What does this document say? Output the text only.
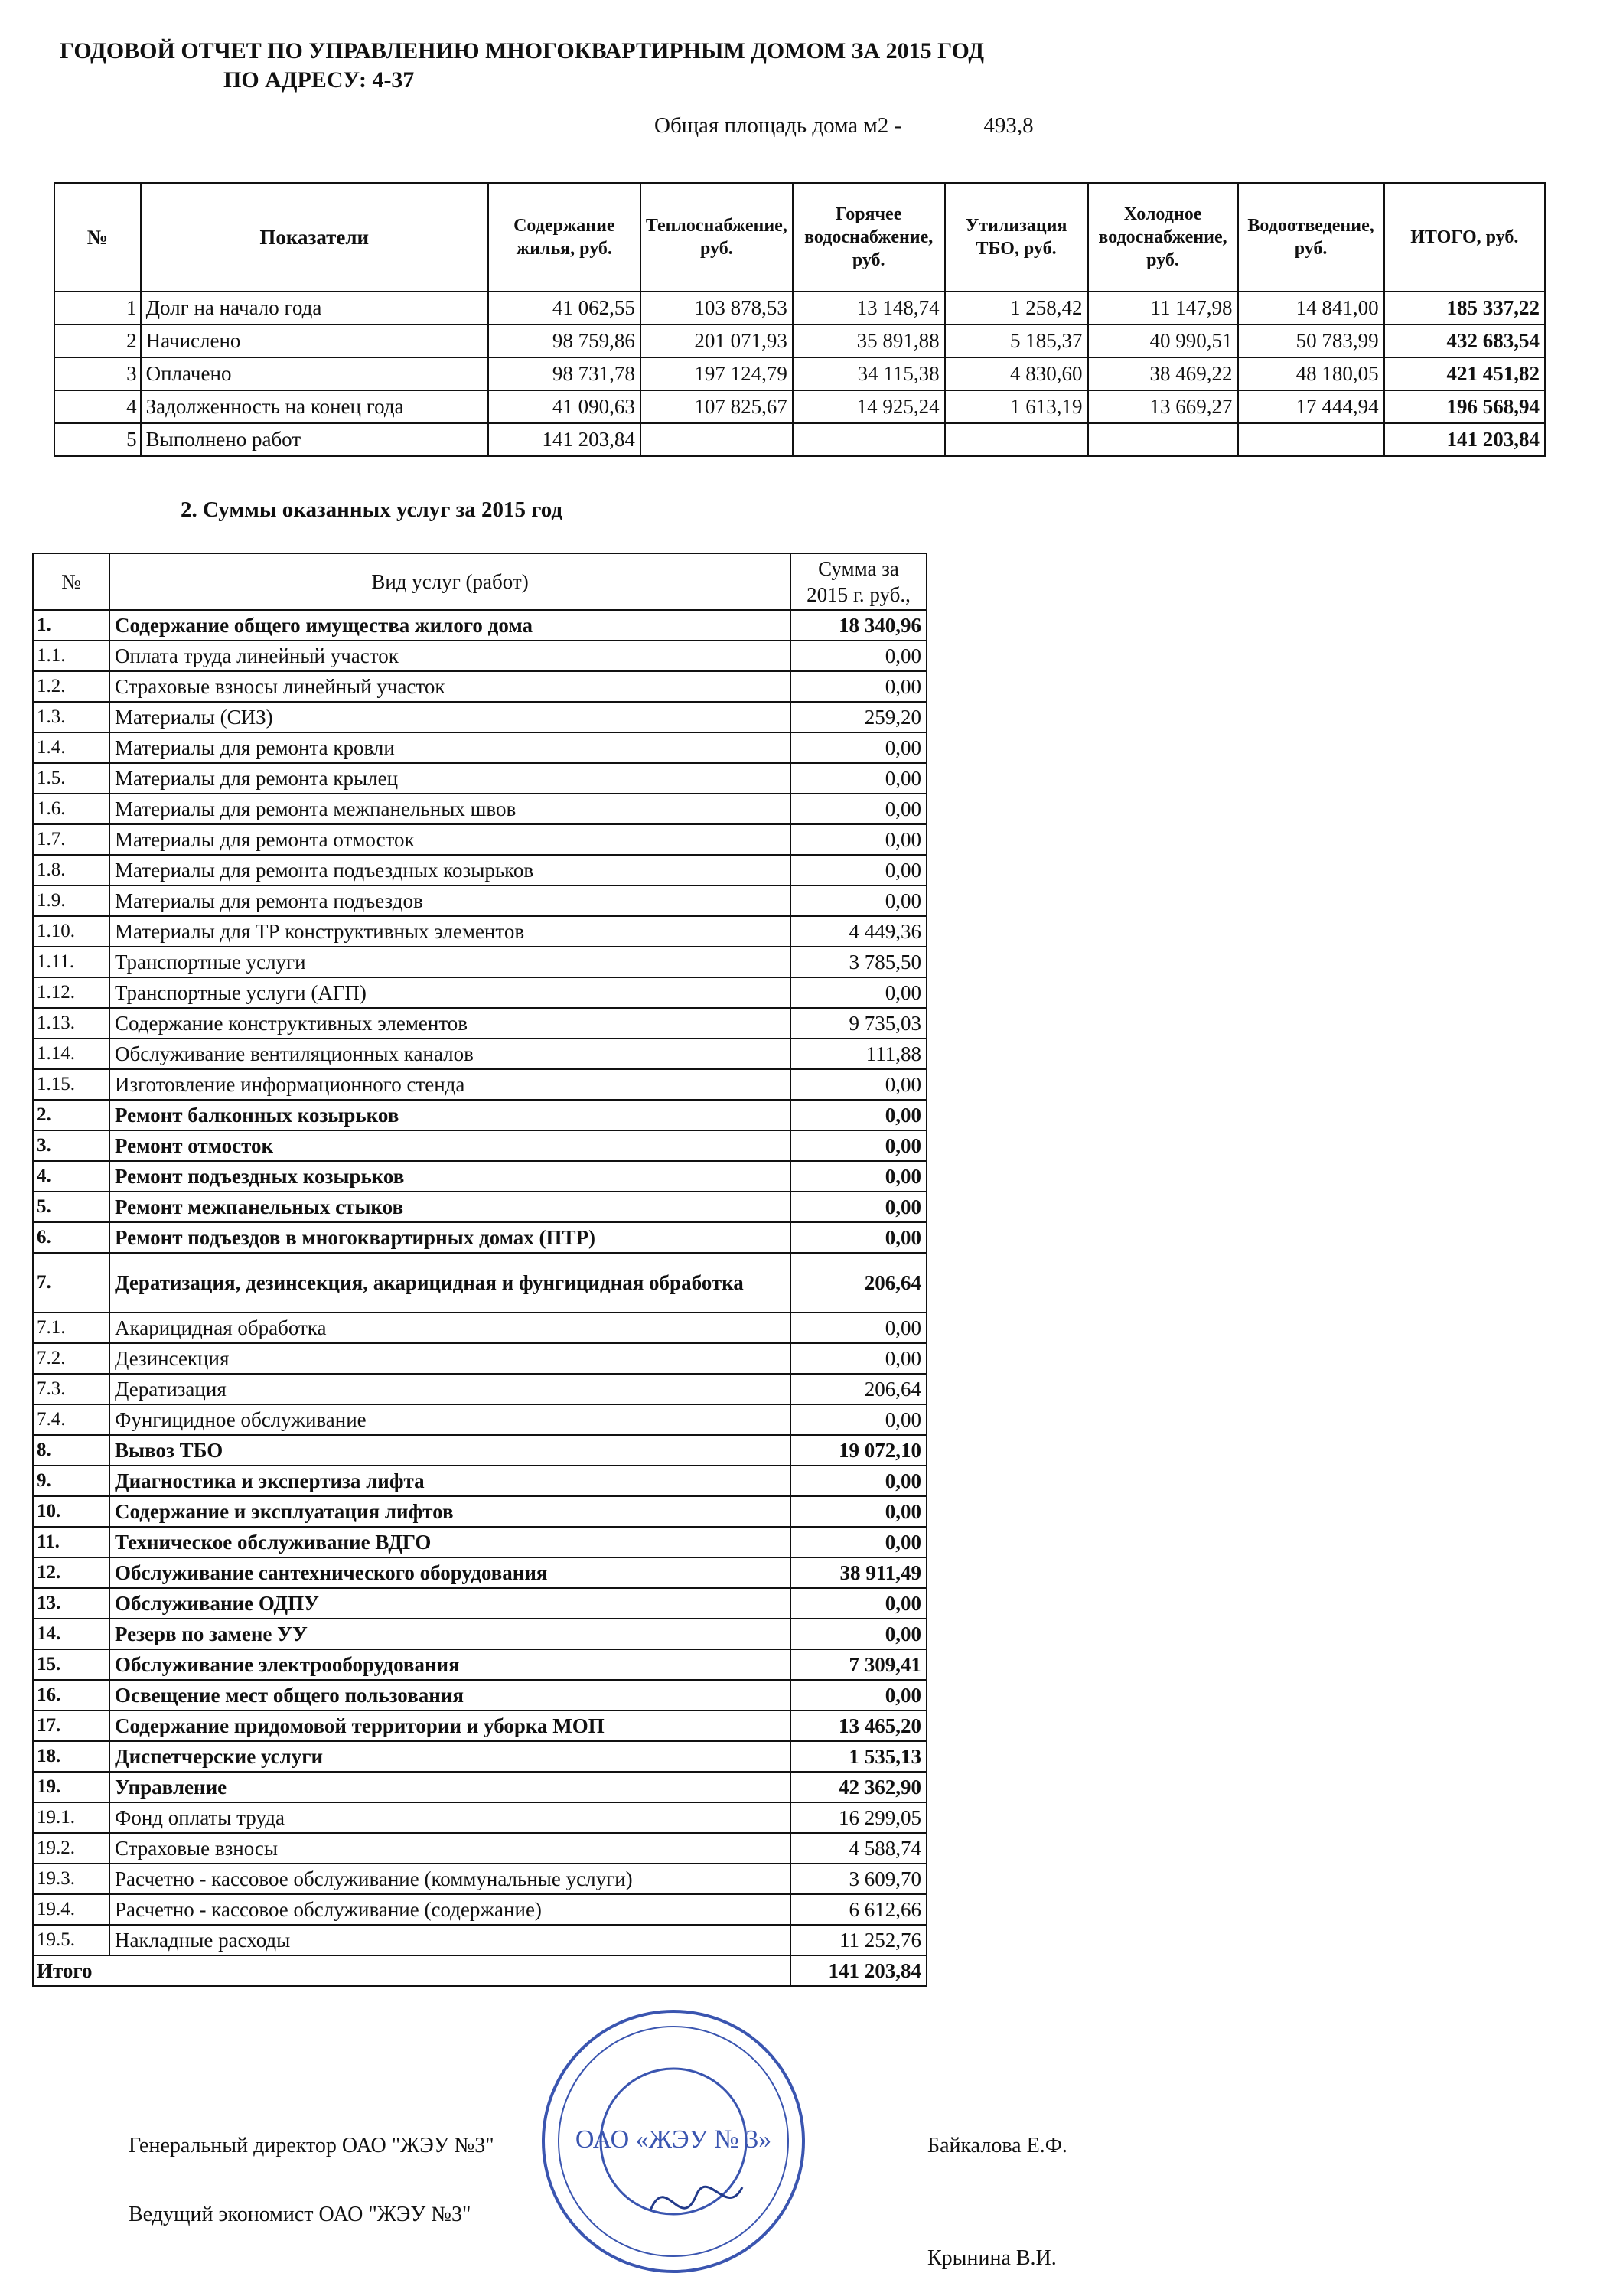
ГОДОВОЙ ОТЧЕТ ПО УПРАВЛЕНИЮ МНОГОКВАРТИРНЫМ ДОМОМ ЗА 2015 ГОД
ПО АДРЕСУ: 4-37
Общая площадь дома м2 -	493,8
№	Показатели	Содержание жилья, руб.	Теплоснабжение, руб.	Горячее водоснабжение, руб.	Утилизация ТБО, руб.	Холодное водоснабжение, руб.	Водоотведение, руб.	ИТОГО, руб.
1	Долг на начало года	41 062,55	103 878,53	13 148,74	1 258,42	11 147,98	14 841,00	185 337,22
2	Начислено	98 759,86	201 071,93	35 891,88	5 185,37	40 990,51	50 783,99	432 683,54
3	Оплачено	98 731,78	197 124,79	34 115,38	4 830,60	38 469,22	48 180,05	421 451,82
4	Задолженность на конец года	41 090,63	107 825,67	14 925,24	1 613,19	13 669,27	17 444,94	196 568,94
5	Выполнено работ	141 203,84						141 203,84
2. Суммы оказанных услуг за 2015 год
№	Вид услуг (работ)	Сумма за 2015 г. руб.,
1.	Содержание общего имущества жилого дома	18 340,96
1.1.	Оплата труда линейный участок	0,00
1.2.	Страховые взносы линейный участок	0,00
1.3.	Материалы (СИЗ)	259,20
1.4.	Материалы для ремонта кровли	0,00
1.5.	Материалы для ремонта крылец	0,00
1.6.	Материалы для ремонта межпанельных швов	0,00
1.7.	Материалы для ремонта отмосток	0,00
1.8.	Материалы для ремонта подъездных козырьков	0,00
1.9.	Материалы для ремонта подъездов	0,00
1.10.	Материалы для ТР конструктивных элементов	4 449,36
1.11.	Транспортные услуги	3 785,50
1.12.	Транспортные услуги (АГП)	0,00
1.13.	Содержание конструктивных элементов	9 735,03
1.14.	Обслуживание вентиляционных каналов	111,88
1.15.	Изготовление информационного стенда	0,00
2.	Ремонт балконных козырьков	0,00
3.	Ремонт отмосток	0,00
4.	Ремонт подъездных козырьков	0,00
5.	Ремонт межпанельных стыков	0,00
6.	Ремонт подъездов в многоквартирных домах (ПТР)	0,00
7.	Дератизация, дезинсекция, акарицидная и фунгицидная обработка	206,64
7.1.	Акарицидная обработка	0,00
7.2.	Дезинсекция	0,00
7.3.	Дератизация	206,64
7.4.	Фунгицидное обслуживание	0,00
8.	Вывоз ТБО	19 072,10
9.	Диагностика и экспертиза лифта	0,00
10.	Содержание и эксплуатация лифтов	0,00
11.	Техническое обслуживание ВДГО	0,00
12.	Обслуживание сантехнического оборудования	38 911,49
13.	Обслуживание ОДПУ	0,00
14.	Резерв по замене УУ	0,00
15.	Обслуживание электрооборудования	7 309,41
16.	Освещение мест общего пользования	0,00
17.	Содержание придомовой территории и уборка МОП	13 465,20
18.	Диспетчерские услуги	1 535,13
19.	Управление	42 362,90
19.1.	Фонд оплаты труда	16 299,05
19.2.	Страховые взносы	4 588,74
19.3.	Расчетно - кассовое обслуживание (коммунальные услуги)	3 609,70
19.4.	Расчетно - кассовое обслуживание (содержание)	6 612,66
19.5.	Накладные расходы	11 252,76
Итого		141 203,84
ОАО «ЖЭУ № 3»
Генеральный директор ОАО "ЖЭУ №3"	Байкалова Е.Ф.
Ведущий экономист ОАО "ЖЭУ №3"
Крынина В.И.
